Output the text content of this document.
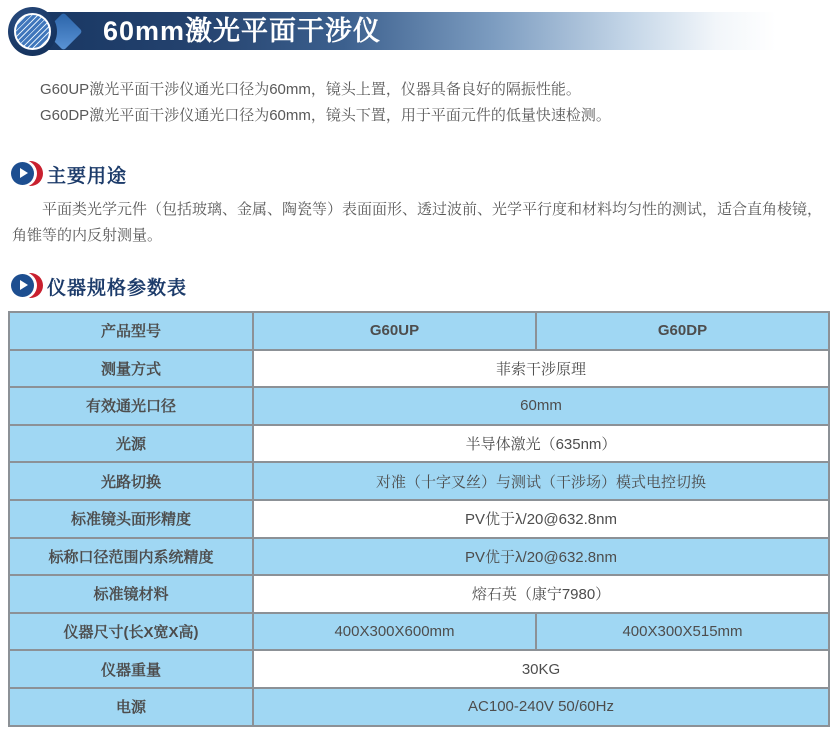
60mm激光平面干涉仪
G60UP激光平面干涉仪通光口径为60mm，镜头上置，仪器具备良好的隔振性能。
G60DP激光平面干涉仪通光口径为60mm，镜头下置，用于平面元件的低量快速检测。
主要用途

平面类光学元件（包括玻璃、金属、陶瓷等）表面面形、透过波前、光学平行度和材料均匀性的测试，适合直角棱镜，角锥等的内反射测量。

仪器规格参数表
产品型号	G60UP	G60DP
测量方式	菲索干涉原理	
有效通光口径	60mm	
光源	半导体激光（635nm）	
光路切换	对准（十字叉丝）与测试（干涉场）模式电控切换	
标准镜头面形精度	PV优于λ/20@632.8nm	
标称口径范围内系统精度	PV优于λ/20@632.8nm	
标准镜材料	熔石英（康宁7980）	
仪器尺寸(长X宽X高)	400X300X600mm	400X300X515mm
仪器重量	30KG	
电源	AC100-240V 50/60Hz	
